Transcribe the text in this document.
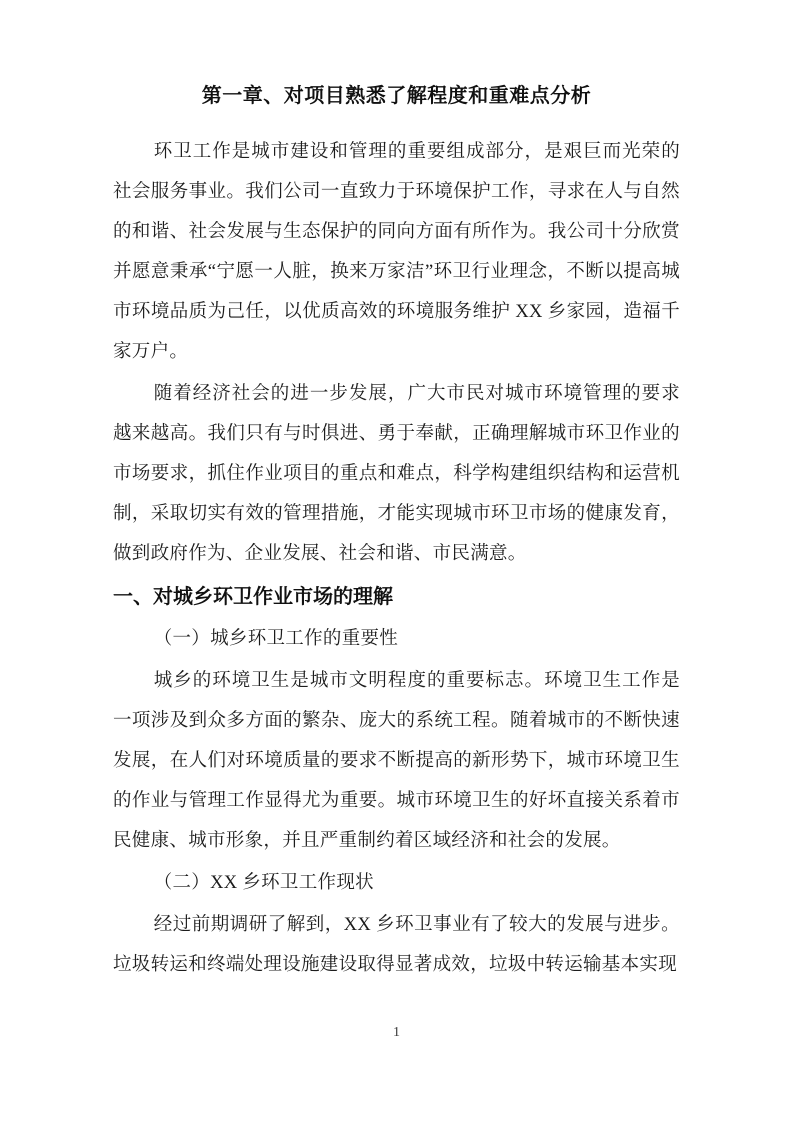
第一章、对项目熟悉了解程度和重难点分析

环卫工作是城市建设和管理的重要组成部分，是艰巨而光荣的社会服务事业。我们公司一直致力于环境保护工作，寻求在人与自然的和谐、社会发展与生态保护的同向方面有所作为。我公司十分欣赏并愿意秉承“宁愿一人脏，换来万家洁”环卫行业理念，不断以提高城市环境品质为己任，以优质高效的环境服务维护 XX 乡家园，造福千家万户。

随着经济社会的进一步发展，广大市民对城市环境管理的要求越来越高。我们只有与时俱进、勇于奉献，正确理解城市环卫作业的市场要求，抓住作业项目的重点和难点，科学构建组织结构和运营机制，采取切实有效的管理措施，才能实现城市环卫市场的健康发育，做到政府作为、企业发展、社会和谐、市民满意。

一、对城乡环卫作业市场的理解
（一）城乡环卫工作的重要性

城乡的环境卫生是城市文明程度的重要标志。环境卫生工作是一项涉及到众多方面的繁杂、庞大的系统工程。随着城市的不断快速发展，在人们对环境质量的要求不断提高的新形势下，城市环境卫生的作业与管理工作显得尤为重要。城市环境卫生的好坏直接关系着市民健康、城市形象，并且严重制约着区域经济和社会的发展。

（二）XX 乡环卫工作现状

经过前期调研了解到，XX 乡环卫事业有了较大的发展与进步。垃圾转运和终端处理设施建设取得显著成效，垃圾中转运输基本实现

1
